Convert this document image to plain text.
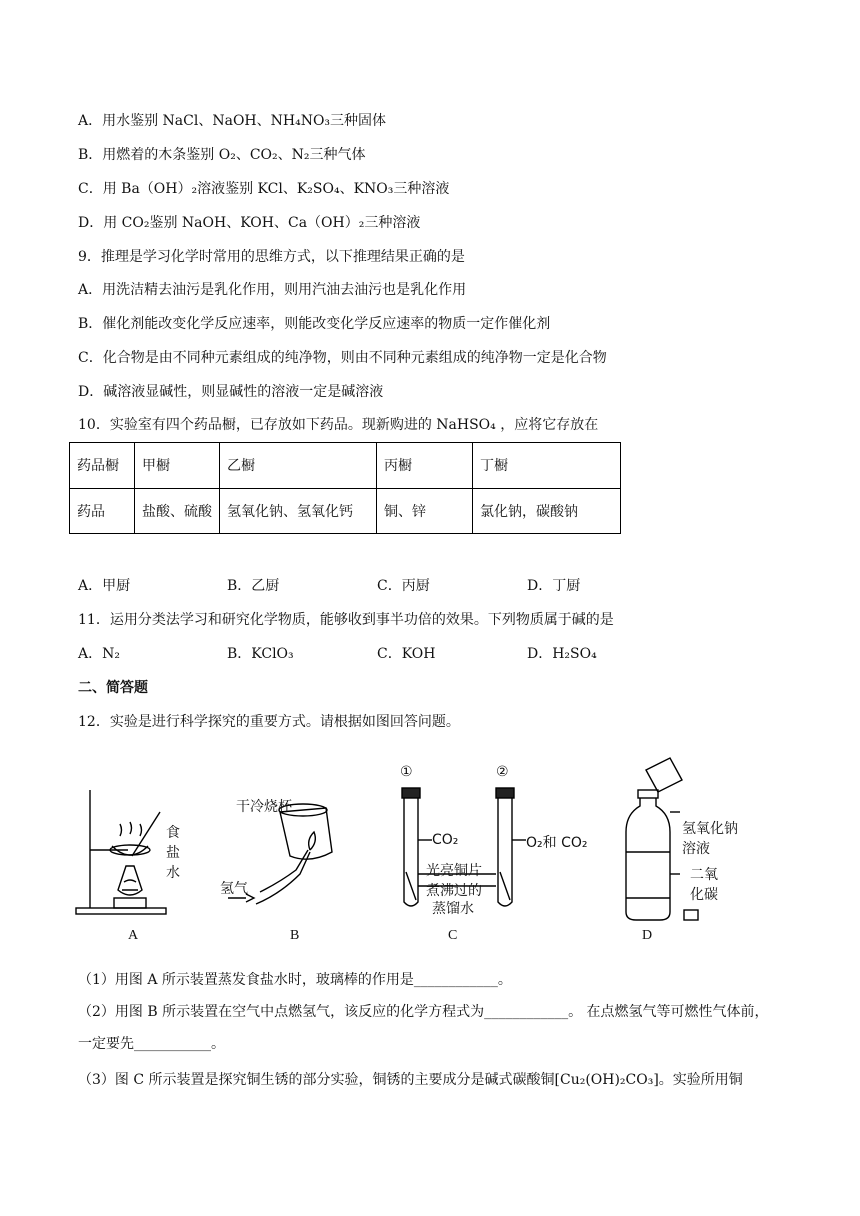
A．用水鉴别 NaCl、NaOH、NH₄NO₃三种固体
B．用燃着的木条鉴别 O₂、CO₂、N₂三种气体
C．用 Ba（OH）₂溶液鉴别 KCl、K₂SO₄、KNO₃三种溶液
D．用 CO₂鉴别 NaOH、KOH、Ca（OH）₂三种溶液
9．推理是学习化学时常用的思维方式，以下推理结果正确的是
A．用洗洁精去油污是乳化作用，则用汽油去油污也是乳化作用
B．催化剂能改变化学反应速率，则能改变化学反应速率的物质一定作催化剂
C．化合物是由不同种元素组成的纯净物，则由不同种元素组成的纯净物一定是化合物
D．碱溶液显碱性，则显碱性的溶液一定是碱溶液
10．实验室有四个药品橱，已存放如下药品。现新购进的 NaHSO₄ ，应将它存放在
药品橱	甲橱	乙橱	丙橱	丁橱
药品	盐酸、硫酸	氢氧化钠、氢氧化钙	铜、锌	氯化钠，碳酸钠
A．甲厨	B．乙厨	C．丙厨	D．丁厨
11．运用分类法学习和研究化学物质，能够收到事半功倍的效果。下列物质属于碱的是
A．N₂	B．KClO₃	C．KOH	D．H₂SO₄
二、简答题
12．实验是进行科学探究的重要方式。请根据如图回答问题。
食
盐
水
A
干冷烧杯
氢气
B
①	②
CO₂	O₂和 CO₂
光亮铜片
煮沸过的
蒸馏水
C
氢氧化钠
溶液
二氧
化碳
D
（1）用图 A 所示装置蒸发食盐水时，玻璃棒的作用是____________。
（2）用图 B 所示装置在空气中点燃氢气，该反应的化学方程式为____________。 在点燃氢气等可燃性气体前，一定要先___________。
（3）图 C 所示装置是探究铜生锈的部分实验，铜锈的主要成分是碱式碳酸铜[Cu₂(OH)₂CO₃]。实验所用铜
